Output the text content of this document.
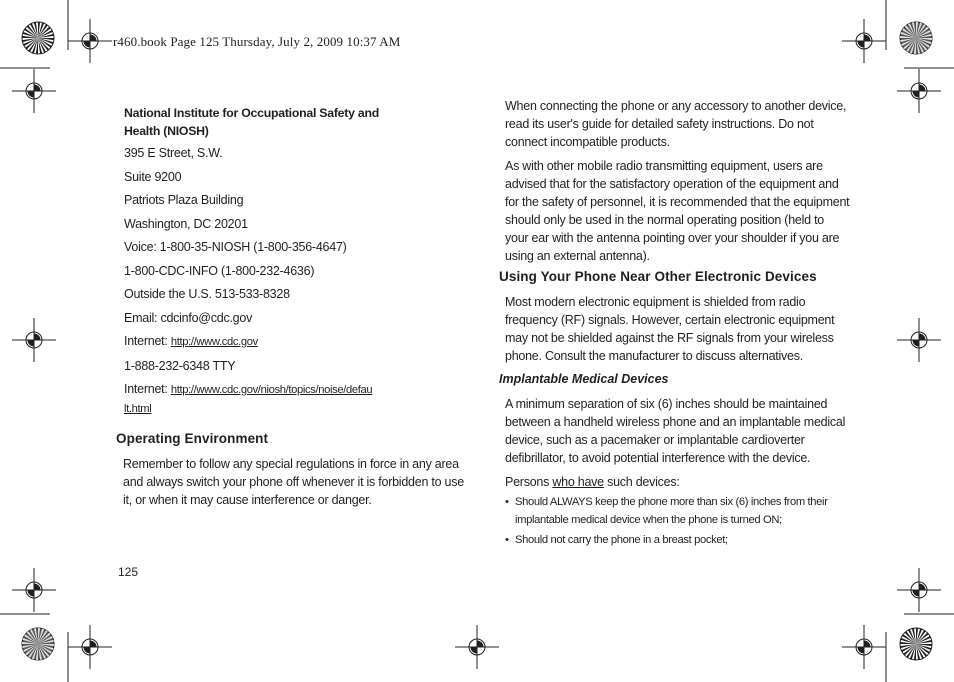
r460.book Page 125 Thursday, July 2, 2009 10:37 AM
National Institute for Occupational Safety and Health (NIOSH)
395 E Street, S.W.
Suite 9200
Patriots Plaza Building
Washington, DC 20201
Voice: 1-800-35-NIOSH (1-800-356-4647)
1-800-CDC-INFO (1-800-232-4636)
Outside the U.S. 513-533-8328
Email: cdcinfo@cdc.gov
Internet: http://www.cdc.gov
1-888-232-6348 TTY
Internet: http://www.cdc.gov/niosh/topics/noise/default.html
Operating Environment
Remember to follow any special regulations in force in any area and always switch your phone off whenever it is forbidden to use it, or when it may cause interference or danger.
When connecting the phone or any accessory to another device, read its user's guide for detailed safety instructions. Do not connect incompatible products.
As with other mobile radio transmitting equipment, users are advised that for the satisfactory operation of the equipment and for the safety of personnel, it is recommended that the equipment should only be used in the normal operating position (held to your ear with the antenna pointing over your shoulder if you are using an external antenna).
Using Your Phone Near Other Electronic Devices
Most modern electronic equipment is shielded from radio frequency (RF) signals. However, certain electronic equipment may not be shielded against the RF signals from your wireless phone. Consult the manufacturer to discuss alternatives.
Implantable Medical Devices
A minimum separation of six (6) inches should be maintained between a handheld wireless phone and an implantable medical device, such as a pacemaker or implantable cardioverter defibrillator, to avoid potential interference with the device.
Persons who have such devices:
• Should ALWAYS keep the phone more than six (6) inches from their implantable medical device when the phone is turned ON;
• Should not carry the phone in a breast pocket;
125
